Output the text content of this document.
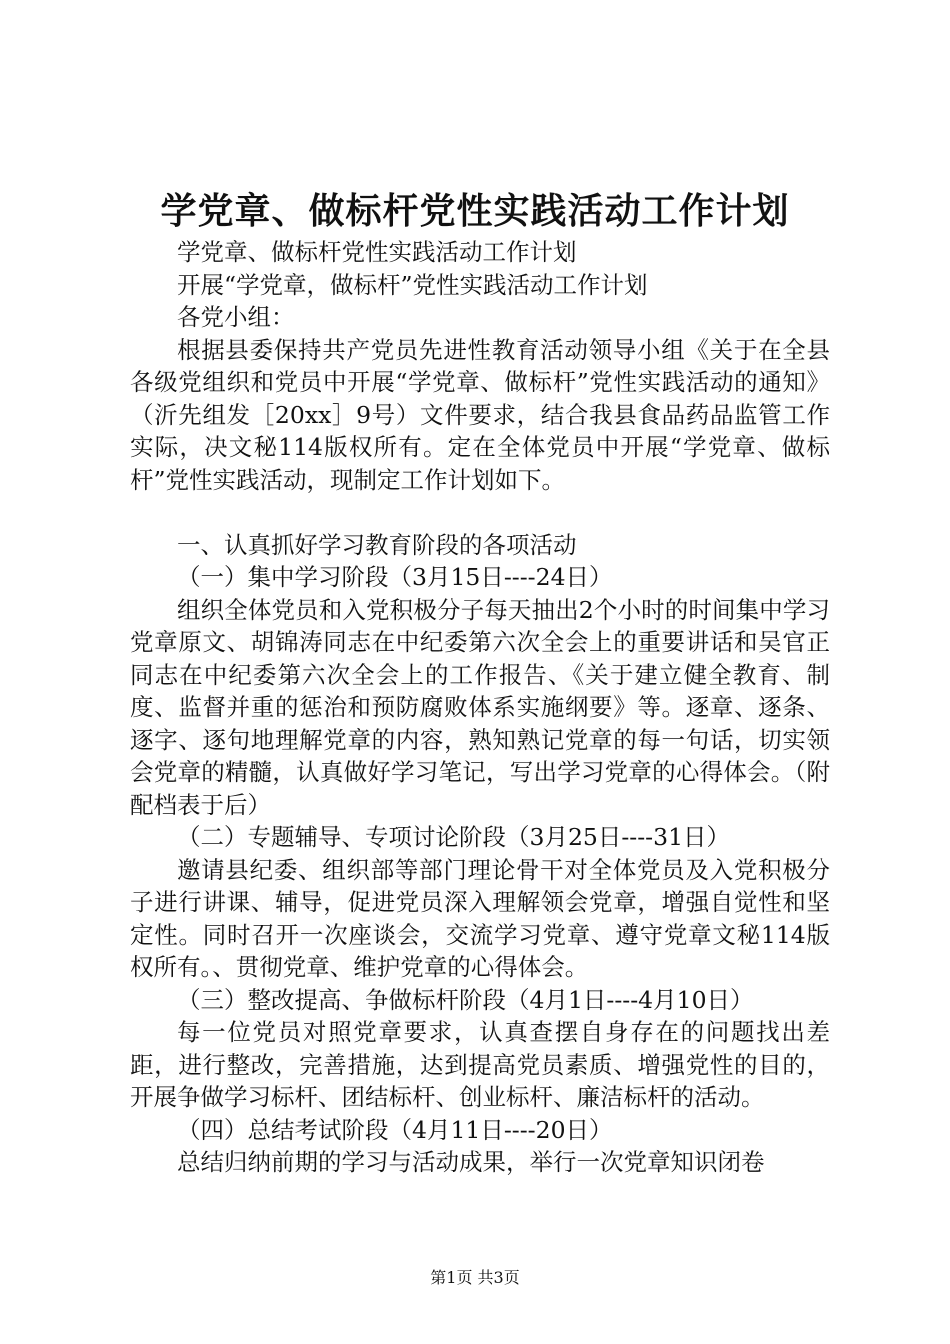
学党章、做标杆党性实践活动工作计划

学党章、做标杆党性实践活动工作计划

开展“学党章，做标杆”党性实践活动工作计划

各党小组：

根据县委保持共产党员先进性教育活动领导小组《关于在全县各级党组织和党员中开展“学党章、做标杆”党性实践活动的通知》（沂先组发［20xx］9号）文件要求，结合我县食品药品监管工作实际，决文秘114版权所有。定在全体党员中开展“学党章、做标杆”党性实践活动，现制定工作计划如下。

一、认真抓好学习教育阶段的各项活动

（一）集中学习阶段（3月15日----24日）

组织全体党员和入党积极分子每天抽出2个小时的时间集中学习党章原文、胡锦涛同志在中纪委第六次全会上的重要讲话和吴官正同志在中纪委第六次全会上的工作报告、《关于建立健全教育、制度、监督并重的惩治和预防腐败体系实施纲要》等。逐章、逐条、逐字、逐句地理解党章的内容，熟知熟记党章的每一句话，切实领会党章的精髓，认真做好学习笔记，写出学习党章的心得体会。（附配档表于后）

（二）专题辅导、专项讨论阶段（3月25日----31日）

邀请县纪委、组织部等部门理论骨干对全体党员及入党积极分子进行讲课、辅导，促进党员深入理解领会党章，增强自觉性和坚定性。同时召开一次座谈会，交流学习党章、遵守党章文秘114版权所有。、贯彻党章、维护党章的心得体会。

（三）整改提高、争做标杆阶段（4月1日----4月10日）

每一位党员对照党章要求，认真查摆自身存在的问题找出差距，进行整改，完善措施，达到提高党员素质、增强党性的目的，开展争做学习标杆、团结标杆、创业标杆、廉洁标杆的活动。

（四）总结考试阶段（4月11日----20日）

总结归纳前期的学习与活动成果，举行一次党章知识闭卷

第1页 共3页
